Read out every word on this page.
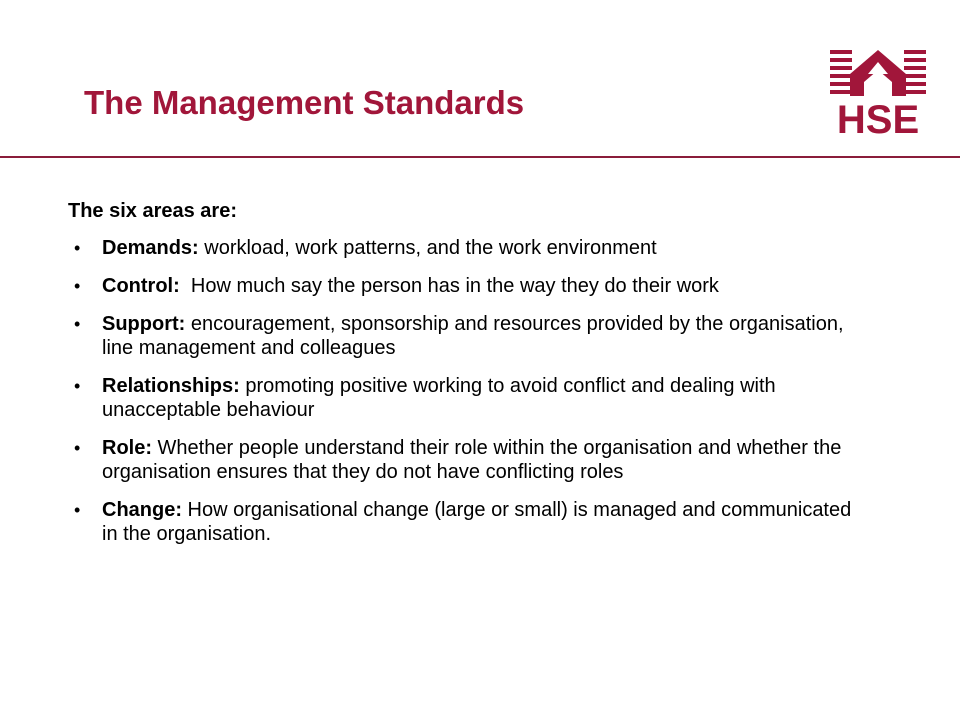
The Management Standards	HSE

The six areas are:

• Demands: workload, work patterns, and the work environment
• Control:  How much say the person has in the way they do their work
• Support: encouragement, sponsorship and resources provided by the organisation, line management and colleagues
• Relationships: promoting positive working to avoid conflict and dealing with unacceptable behaviour
• Role: Whether people understand their role within the organisation and whether the organisation ensures that they do not have conflicting roles
• Change: How organisational change (large or small) is managed and communicated in the organisation.
